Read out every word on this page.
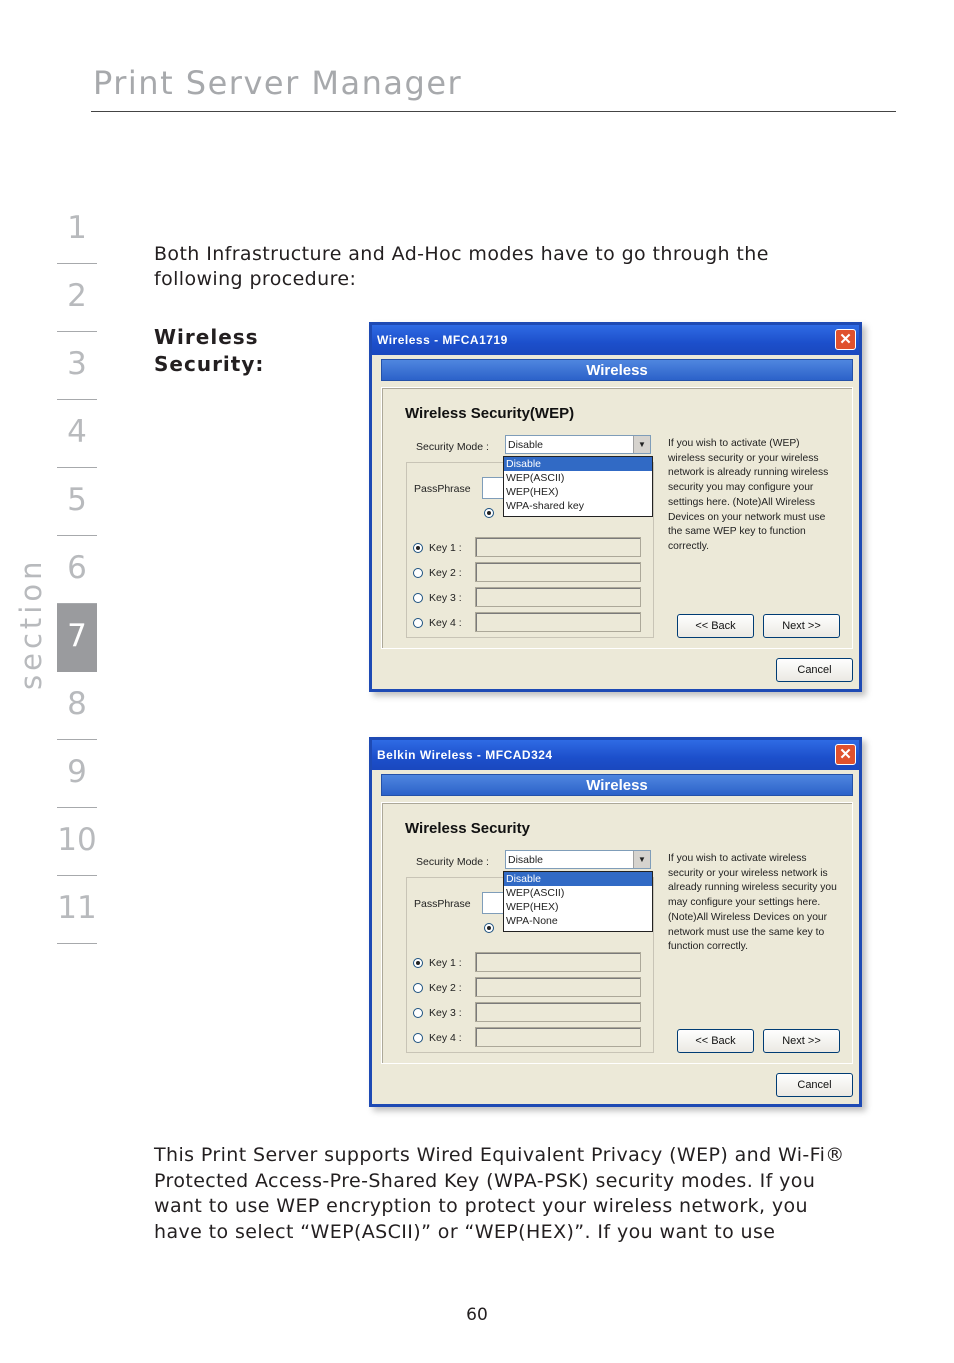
Print Server Manager
section
1
2
3
4
5
6
7
8
9
10
11
Both Infrastructure and Ad-Hoc modes have to go through the following procedure:
Wireless Security:
Wireless - MFCA1719	✕
Wireless
Wireless Security(WEP)
Security Mode : Disable	▼
PassPhrase
Disable
WEP(ASCII)
WEP(HEX)
WPA-shared key
Key 1 :
Key 2 :
Key 3 :
Key 4 :
If you wish to activate (WEP) wireless security or your wireless network is already running wireless security you may configure your settings here. (Note)All Wireless Devices on your network must use the same WEP key to function correctly.
<< Back	Next >>
Cancel
Belkin Wireless - MFCAD324	✕
Wireless
Wireless Security
Security Mode : Disable	▼
PassPhrase
Disable
WEP(ASCII)
WEP(HEX)
WPA-None
Key 1 :
Key 2 :
Key 3 :
Key 4 :
If you wish to activate wireless security or your wireless network is already running wireless security you may configure your settings here. (Note)All Wireless Devices on your network must use the same key to function correctly.
<< Back	Next >>
Cancel
This Print Server supports Wired Equivalent Privacy (WEP) and Wi-Fi® Protected Access-Pre-Shared Key (WPA-PSK) security modes. If you want to use WEP encryption to protect your wireless network, you have to select “WEP(ASCII)” or “WEP(HEX)”. If you want to use
60
